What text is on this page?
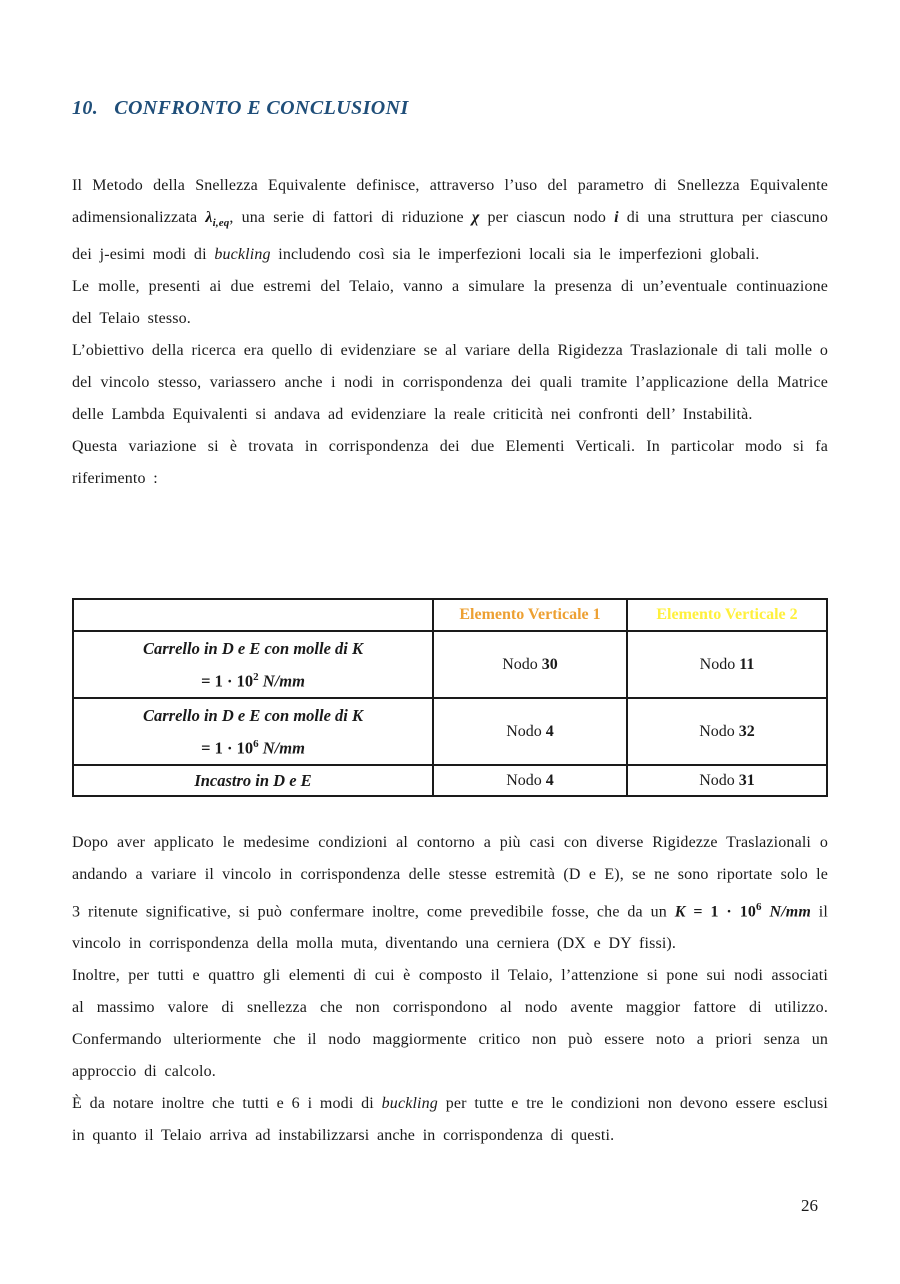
10. CONFRONTO E CONCLUSIONI

Il Metodo della Snellezza Equivalente definisce, attraverso l’uso del parametro di Snellezza Equivalente adimensionalizzata $\lambda_{i,eq}$, una serie di fattori di riduzione χ per ciascun nodo i di una struttura per ciascuno dei j-esimi modi di buckling includendo così sia le imperfezioni locali sia le imperfezioni globali.

Le molle, presenti ai due estremi del Telaio, vanno a simulare la presenza di un’eventuale continuazione del Telaio stesso.

L’obiettivo della ricerca era quello di evidenziare se al variare della Rigidezza Traslazionale di tali molle o del vincolo stesso, variassero anche i nodi in corrispondenza dei quali tramite l’applicazione della Matrice delle Lambda Equivalenti si andava ad evidenziare la reale criticità nei confronti dell’ Instabilità.

Questa variazione si è trovata in corrispondenza dei due Elementi Verticali. In particolar modo si fa riferimento :

	Elemento Verticale 1	Elemento Verticale 2

Carrello in D e E con molle di K
= $1 \cdot 10^2$ N/mm	Nodo 30	Nodo 11

Carrello in D e E con molle di K
= $1 \cdot 10^6$ N/mm	Nodo 4	Nodo 32

Incastro in D e E	Nodo 4	Nodo 31

Dopo aver applicato le medesime condizioni al contorno a più casi con diverse Rigidezze Traslazionali o andando a variare il vincolo in corrispondenza delle stesse estremità (D e E), se ne sono riportate solo le 3 ritenute significative, si può confermare inoltre, come prevedibile fosse, che da un $K = 1 \cdot 10^6$ N/mm il vincolo in corrispondenza della molla muta, diventando una cerniera (DX e DY fissi).

Inoltre, per tutti e quattro gli elementi di cui è composto il Telaio, l’attenzione si pone sui nodi associati al massimo valore di snellezza che non corrispondono al nodo avente maggior fattore di utilizzo. Confermando ulteriormente che il nodo maggiormente critico non può essere noto a priori senza un approccio di calcolo.

È da notare inoltre che tutti e 6 i modi di buckling per tutte e tre le condizioni non devono essere esclusi in quanto il Telaio arriva ad instabilizzarsi anche in corrispondenza di questi.

26
